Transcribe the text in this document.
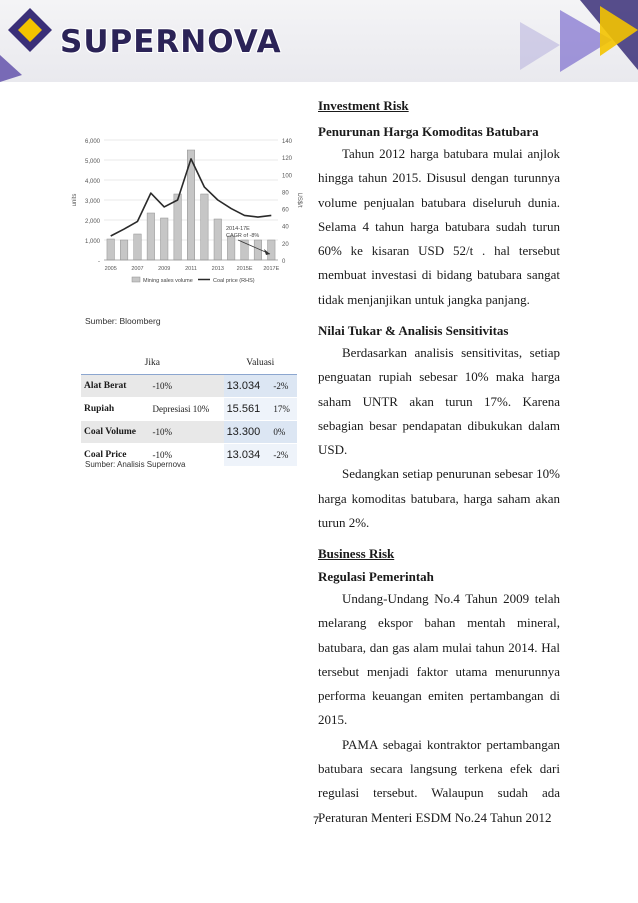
SUPERNOVA
-
1,000
2,000
3,000
4,000
5,000
6,000
0
20
40
60
80
100
120
140
units	US$/t
2005	2007	2009	2011	2013 2015E 2017E
2014-17E
CAGR of -8%
Mining sales volume	Coal price (RHS)
Sumber: Bloomberg
Jika		Valuasi	
Alat Berat	-10%	13.034	-2%
Rupiah	Depresiasi 10%	15.561	17%
Coal Volume	-10%	13.300	0%
Coal Price	-10%	13.034	-2%
Sumber: Analisis Supernova
Investment Risk
Penurunan Harga Komoditas Batubara

Tahun 2012 harga batubara mulai anjlok hingga tahun 2015. Disusul dengan turunnya volume penjualan batubara diseluruh dunia. Selama 4 tahun harga batubara sudah turun 60% ke kisaran USD 52/t . hal tersebut membuat investasi di bidang batubara sangat tidak menjanjikan untuk jangka panjang.

Nilai Tukar & Analisis Sensitivitas

Berdasarkan analisis sensitivitas, setiap penguatan rupiah sebesar 10% maka harga saham UNTR akan turun 17%. Karena sebagian besar pendapatan dibukukan dalam USD.

Sedangkan setiap penurunan sebesar 10% harga komoditas batubara, harga saham akan turun 2%.

Business Risk
Regulasi Pemerintah

Undang-Undang No.4 Tahun 2009 telah melarang ekspor bahan mentah mineral, batubara, dan gas alam mulai tahun 2014. Hal tersebut menjadi faktor utama menurunnya performa keuangan emiten pertambangan di 2015.

PAMA sebagai kontraktor pertambangan batubara secara langsung terkena efek dari regulasi tersebut. Walaupun sudah ada Peraturan Menteri ESDM No.24 Tahun 2012

7
